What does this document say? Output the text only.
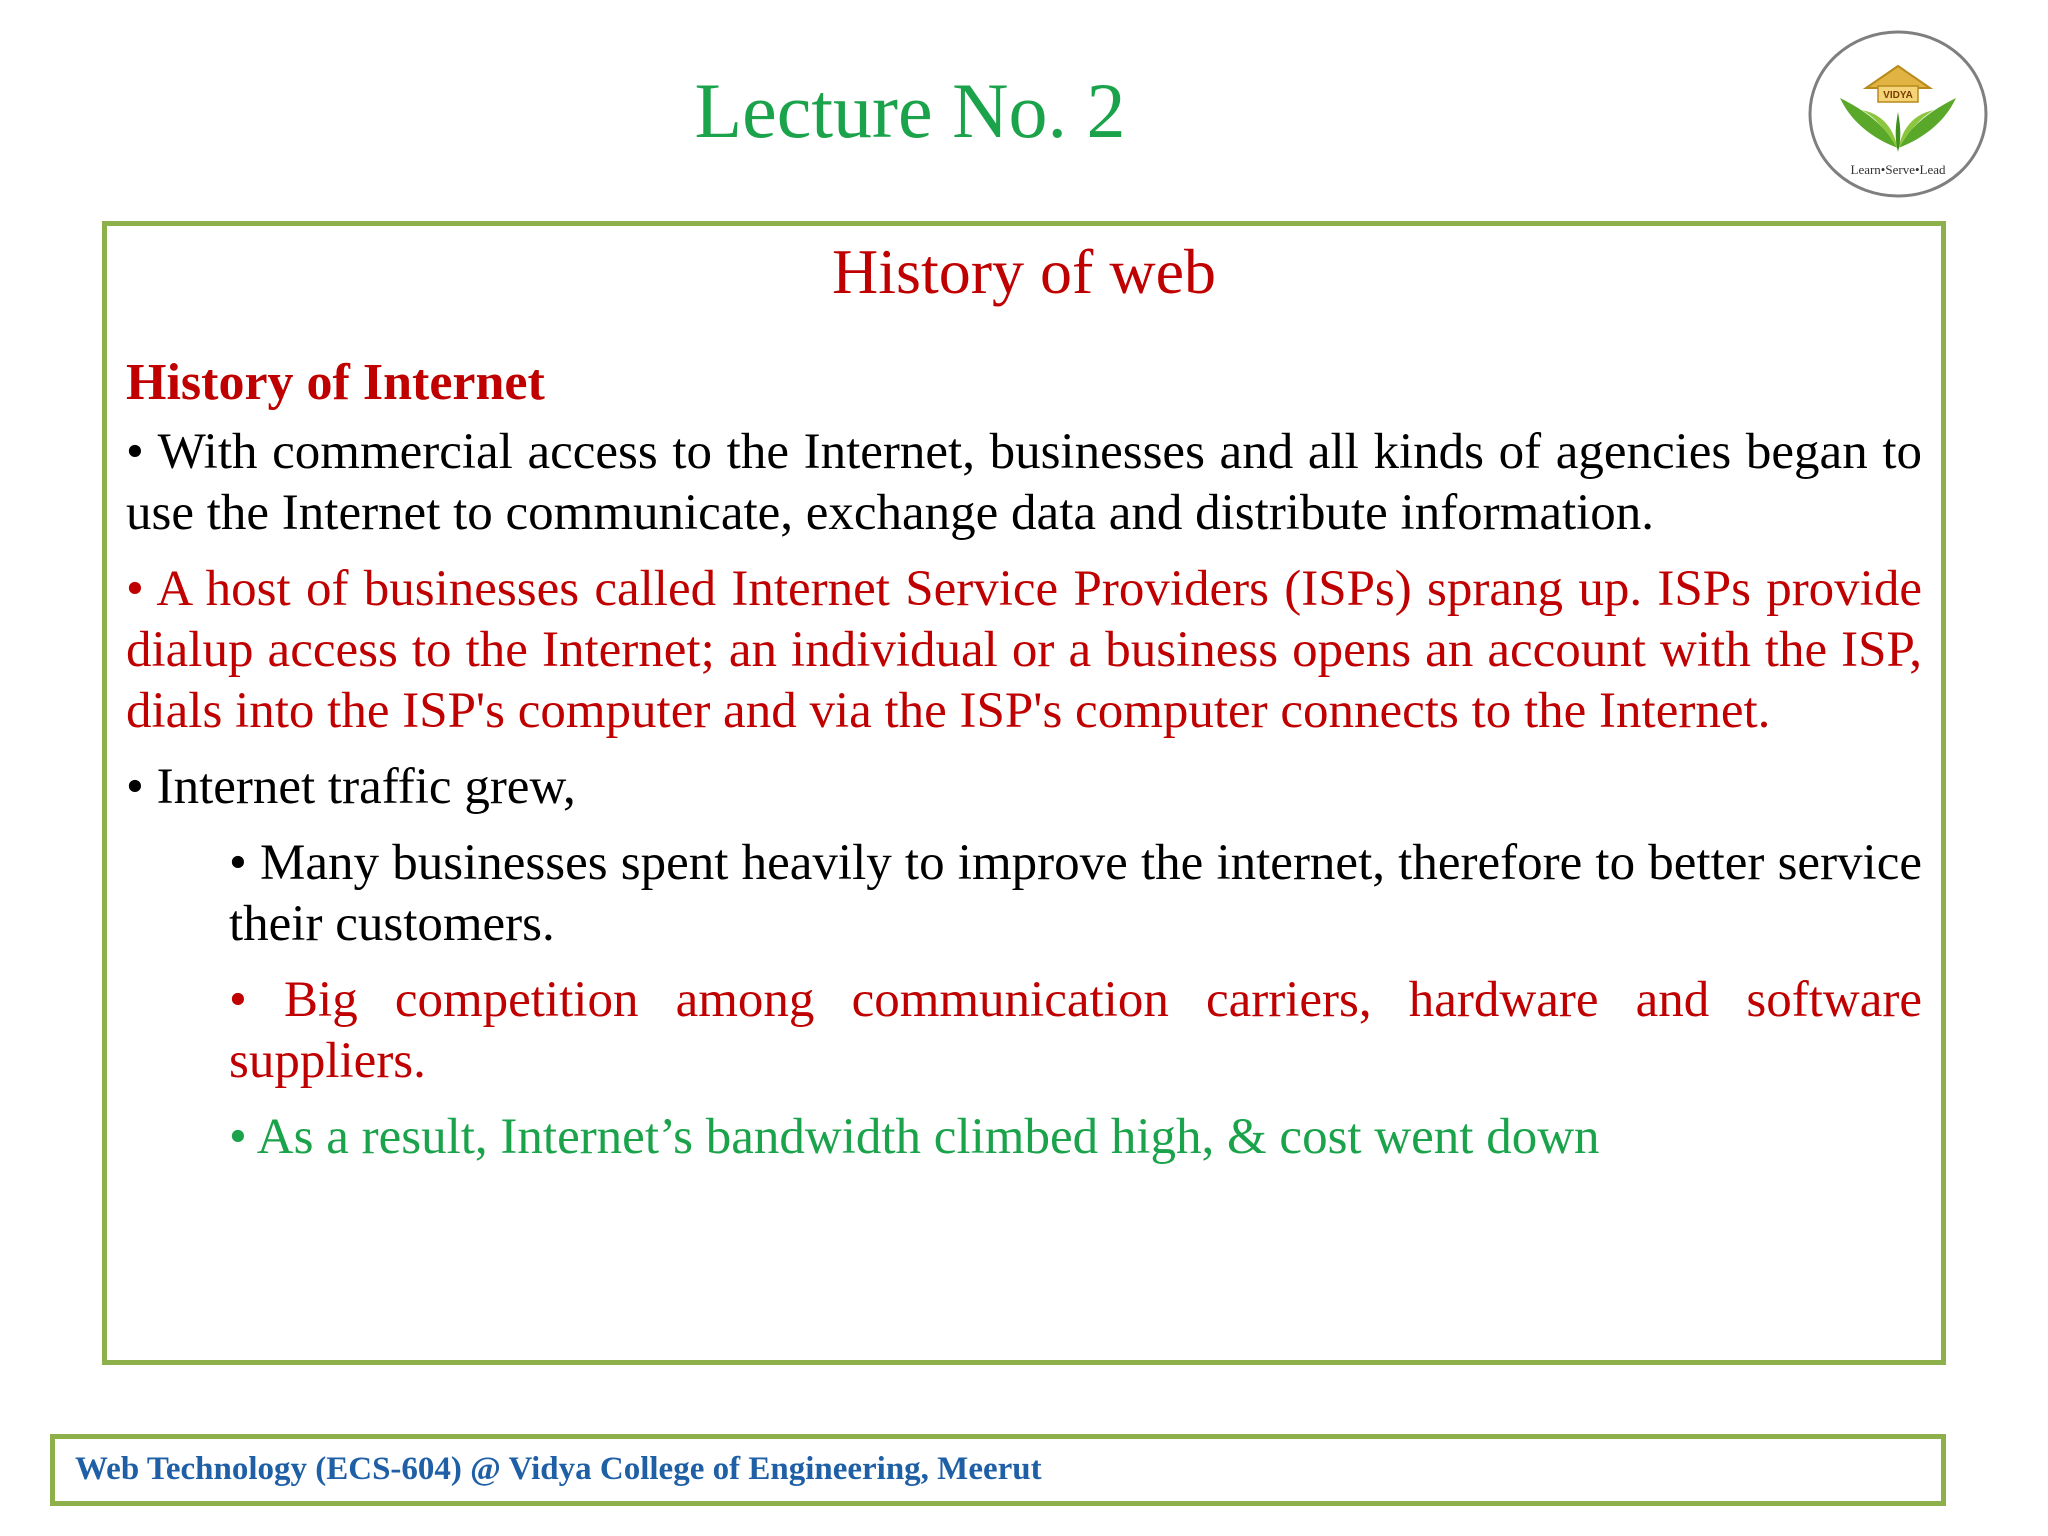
Lecture No. 2	VIDYA
Learn•Serve•Lead
History of web
History of Internet

• With commercial access to the Internet, businesses and all kinds of agencies began to use the Internet to communicate, exchange data and distribute information.

• A host of businesses called Internet Service Providers (ISPs) sprang up. ISPs provide dialup access to the Internet; an individual or a business opens an account with the ISP, dials into the ISP's computer and via the ISP's computer connects to the Internet.

• Internet traffic grew,

• Many businesses spent heavily to improve the internet, therefore to better service their customers.

• Big competition among communication carriers, hardware and software suppliers.

• As a result, Internet’s bandwidth climbed high, & cost went down

Web Technology (ECS-604) @ Vidya College of Engineering, Meerut
